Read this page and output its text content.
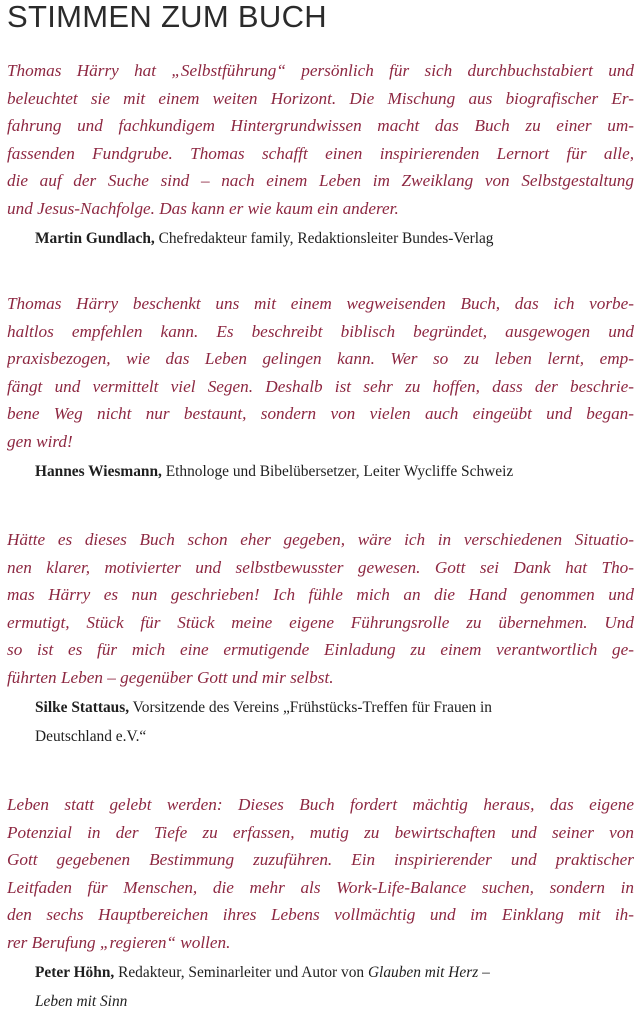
STIMMEN ZUM BUCH

Thomas Härry hat „Selbstführung“ persönlich für sich durchbuchstabiert und
beleuchtet sie mit einem weiten Horizont. Die Mischung aus biografischer Er-
fahrung und fachkundigem Hintergrundwissen macht das Buch zu einer um-
fassenden Fundgrube. Thomas schafft einen inspirierenden Lernort für alle,
die auf der Suche sind – nach einem Leben im Zweiklang von Selbstgestaltung
und Jesus-Nachfolge. Das kann er wie kaum ein anderer.

Martin Gundlach, Chefredakteur family, Redaktionsleiter Bundes-Verlag

Thomas Härry beschenkt uns mit einem wegweisenden Buch, das ich vorbe-
haltlos empfehlen kann. Es beschreibt biblisch begründet, ausgewogen und
praxisbezogen, wie das Leben gelingen kann. Wer so zu leben lernt, emp-
fängt und vermittelt viel Segen. Deshalb ist sehr zu hoffen, dass der beschrie-
bene Weg nicht nur bestaunt, sondern von vielen auch eingeübt und began-
gen wird!

Hannes Wiesmann, Ethnologe und Bibelübersetzer, Leiter Wycliffe Schweiz

Hätte es dieses Buch schon eher gegeben, wäre ich in verschiedenen Situatio-
nen klarer, motivierter und selbstbewusster gewesen. Gott sei Dank hat Tho-
mas Härry es nun geschrieben! Ich fühle mich an die Hand genommen und
ermutigt, Stück für Stück meine eigene Führungsrolle zu übernehmen. Und
so ist es für mich eine ermutigende Einladung zu einem verantwortlich ge-
führten Leben – gegenüber Gott und mir selbst.

Silke Stattaus, Vorsitzende des Vereins „Frühstücks-Treffen für Frauen in
Deutschland e.V.“

Leben statt gelebt werden: Dieses Buch fordert mächtig heraus, das eigene
Potenzial in der Tiefe zu erfassen, mutig zu bewirtschaften und seiner von
Gott gegebenen Bestimmung zuzuführen. Ein inspirierender und praktischer
Leitfaden für Menschen, die mehr als Work-Life-Balance suchen, sondern in
den sechs Hauptbereichen ihres Lebens vollmächtig und im Einklang mit ih-
rer Berufung „regieren“ wollen.

Peter Höhn, Redakteur, Seminarleiter und Autor von Glauben mit Herz –
Leben mit Sinn
